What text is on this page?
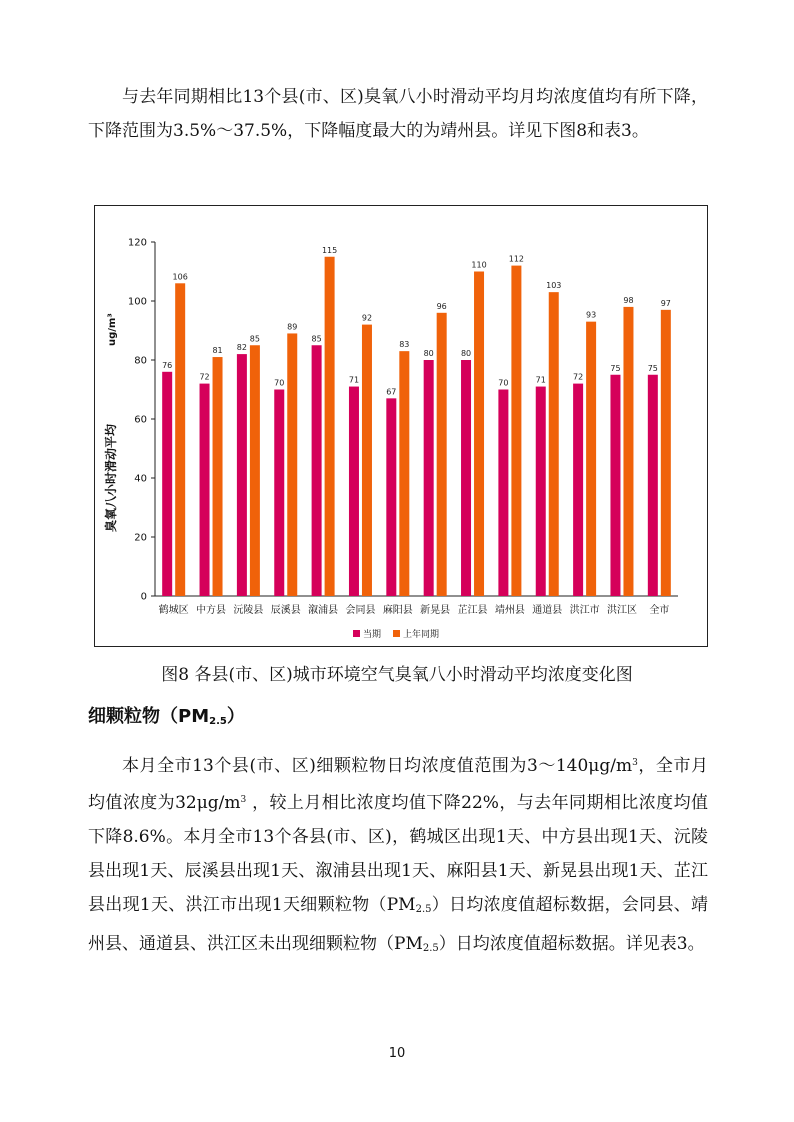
与去年同期相比13个县(市、区)臭氧八小时滑动平均月均浓度值均有所下降，下降范围为3.5%～37.5%，下降幅度最大的为靖州县。详见下图8和表3。

0
20
40
60
80
100
120
76
106
72
81 82
85
70
89
85
115
71
92
67
83
80
96
80
110
70
112
71
103
72
93
75
98
75
97
鹤城区 中方县 沅陵县 辰溪县 溆浦县 会同县 麻阳县 新晃县 芷江县 靖州县 通道县 洪江市 洪江区 全市
臭氧八小时滑动平均
ug/m³
当期 上年同期

图8 各县(市、区)城市环境空气臭氧八小时滑动平均浓度变化图

细颗粒物$(PM_{2.5})$

本月全市13个县(市、区)细颗粒物日均浓度值范围为$3\sim 140\mu g/m^3$，全市月均值浓度为$32\mu g/m^3$ ，较上月相比浓度均值下降22%，与去年同期相比浓度均值下降8.6%。本月全市13个各县(市、区)，鹤城区出现1天、中方县出现1天、沅陵县出现1天、辰溪县出现1天、溆浦县出现1天、麻阳县1天、新晃县出现1天、芷江县出现1天、洪江市出现1天细颗粒物$(PM_{2.5})$日均浓度值超标数据，会同县、靖州县、通道县、洪江区未出现细颗粒物$(PM_{2.5})$日均浓度值超标数据。详见表3。

10
